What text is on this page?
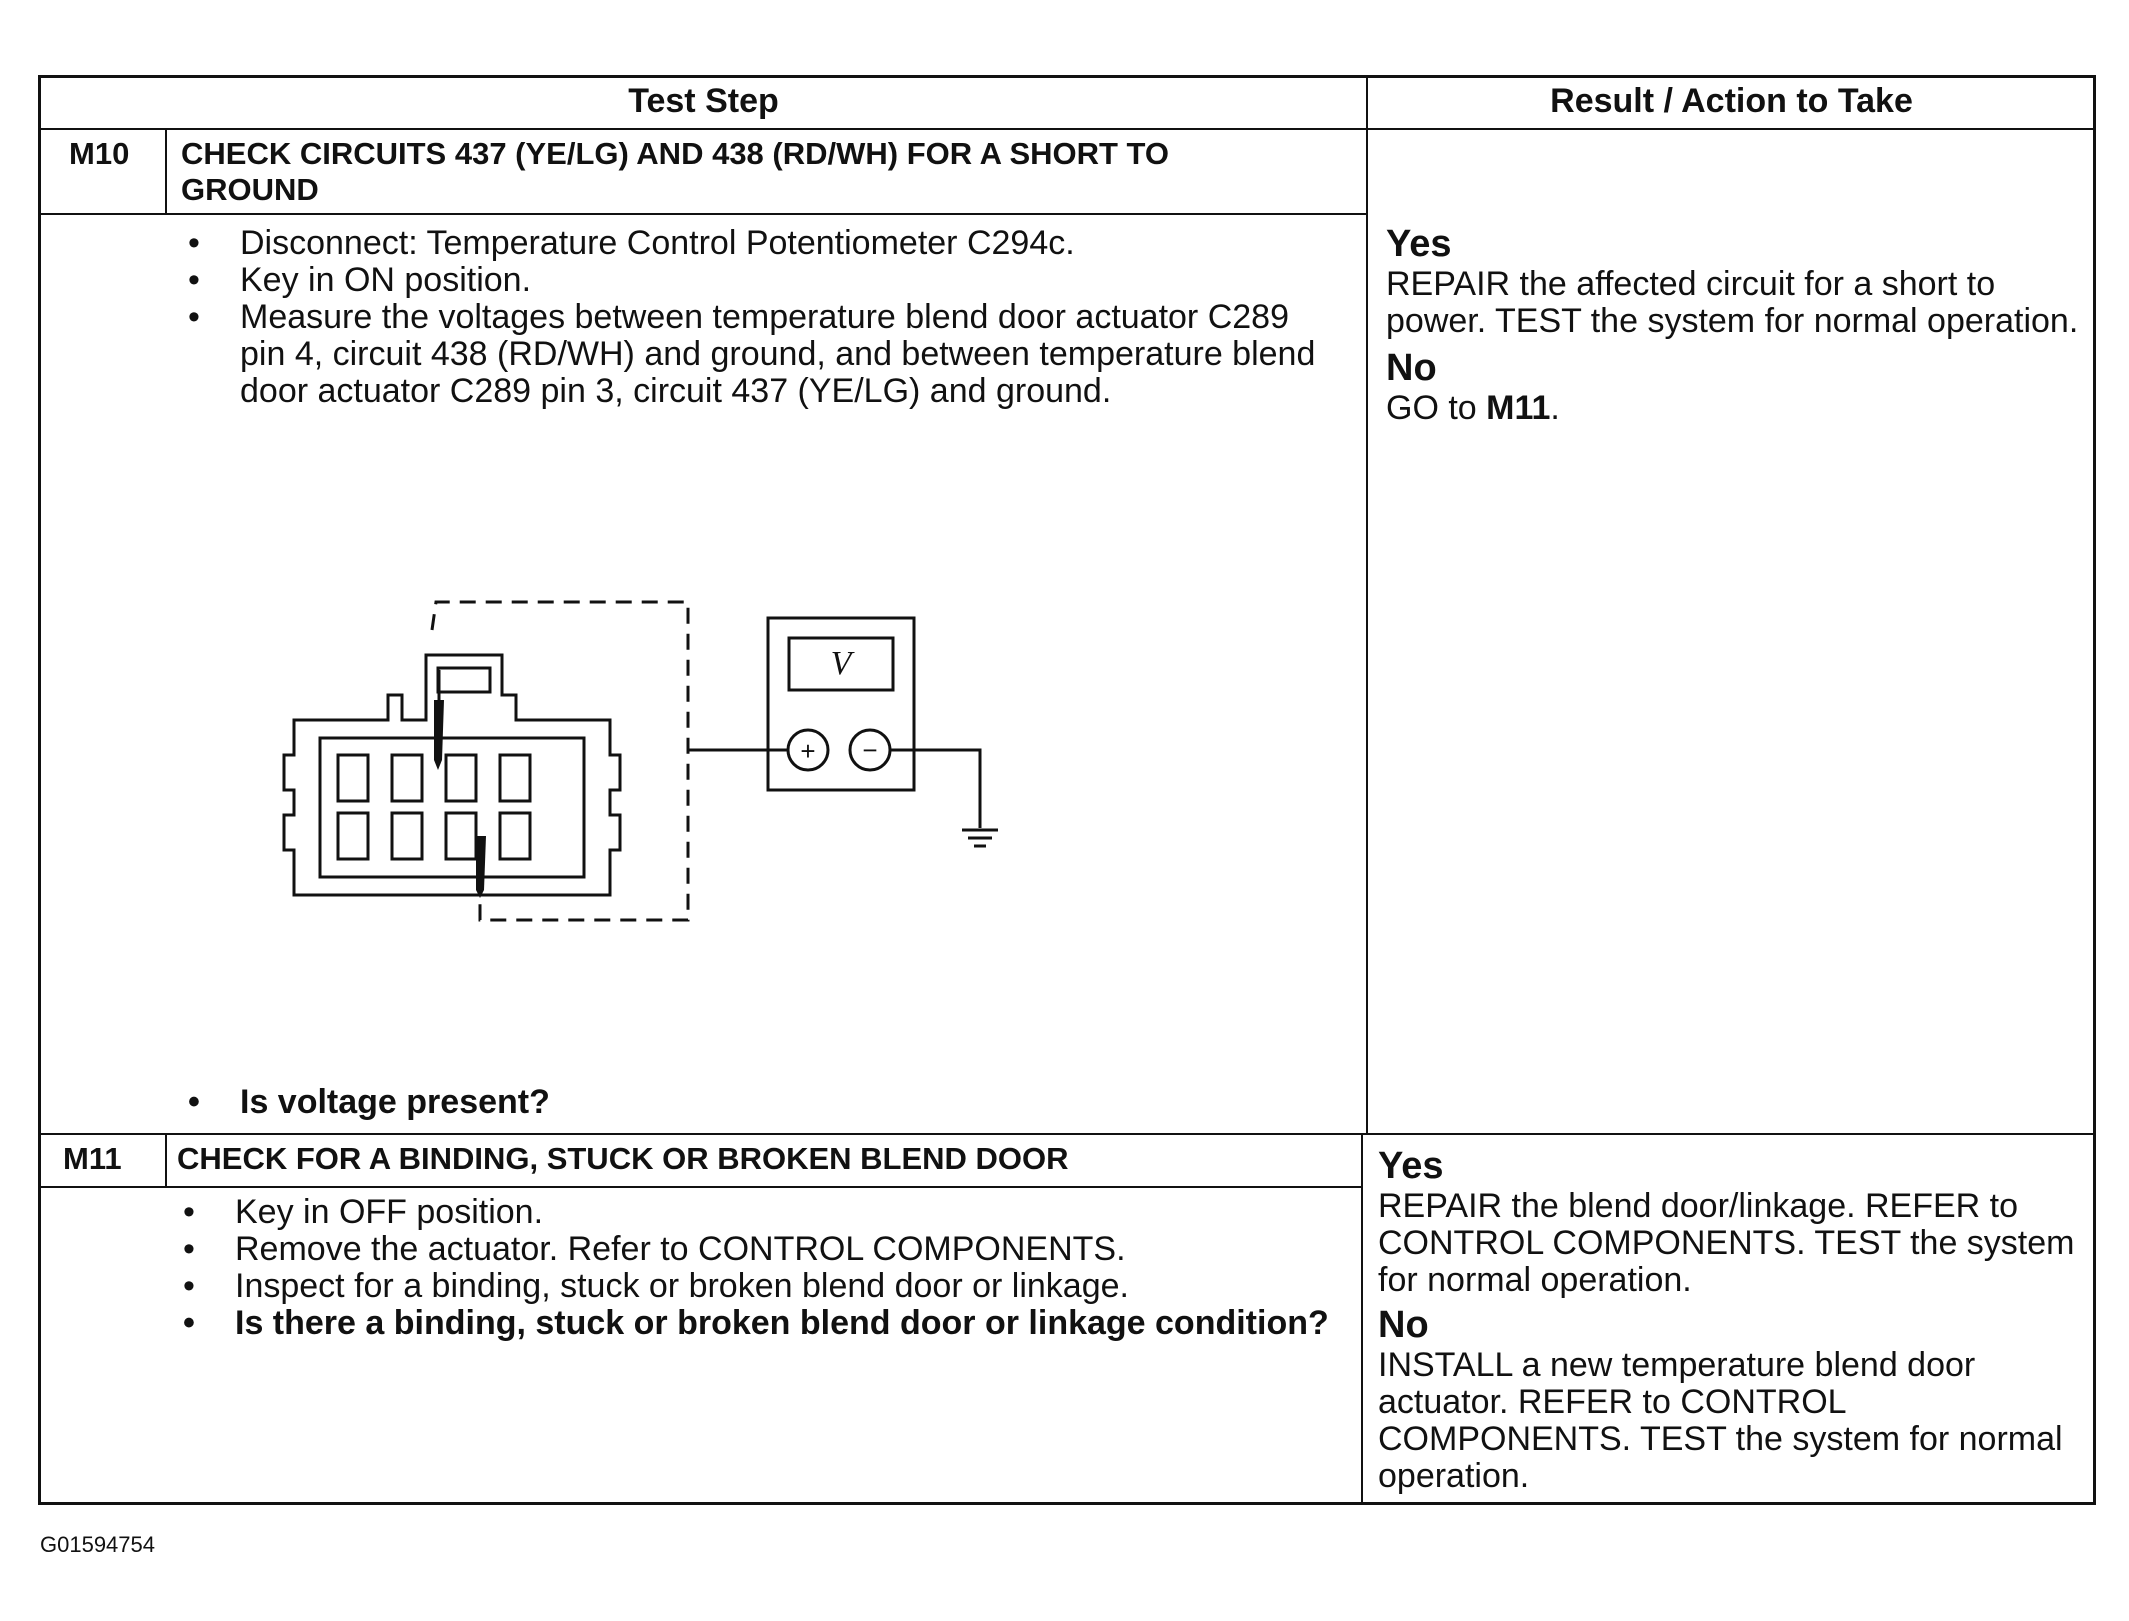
Test Step	Result / Action to Take
M10 CHECK CIRCUITS 437 (YE/LG) AND 438 (RD/WH) FOR A SHORT TO GROUND
• Disconnect: Temperature Control Potentiometer C294c.
• Key in ON position.
• Measure the voltages between temperature blend door actuator C289 pin 4, circuit 438 (RD/WH) and ground, and between temperature blend door actuator C289 pin 3, circuit 437 (YE/LG) and ground.
• Is voltage present?
Yes

REPAIR the affected circuit for a short to power. TEST the system for normal operation.

No

GO to M11.

M11 CHECK FOR A BINDING, STUCK OR BROKEN BLEND DOOR
• Key in OFF position.
• Remove the actuator. Refer to CONTROL COMPONENTS.
• Inspect for a binding, stuck or broken blend door or linkage.
• Is there a binding, stuck or broken blend door or linkage condition?
Yes

REPAIR the blend door/linkage. REFER to CONTROL COMPONENTS. TEST the system for normal operation.

No

INSTALL a new temperature blend door actuator. REFER to CONTROL COMPONENTS. TEST the system for normal operation.

V
+ −
G01594754
